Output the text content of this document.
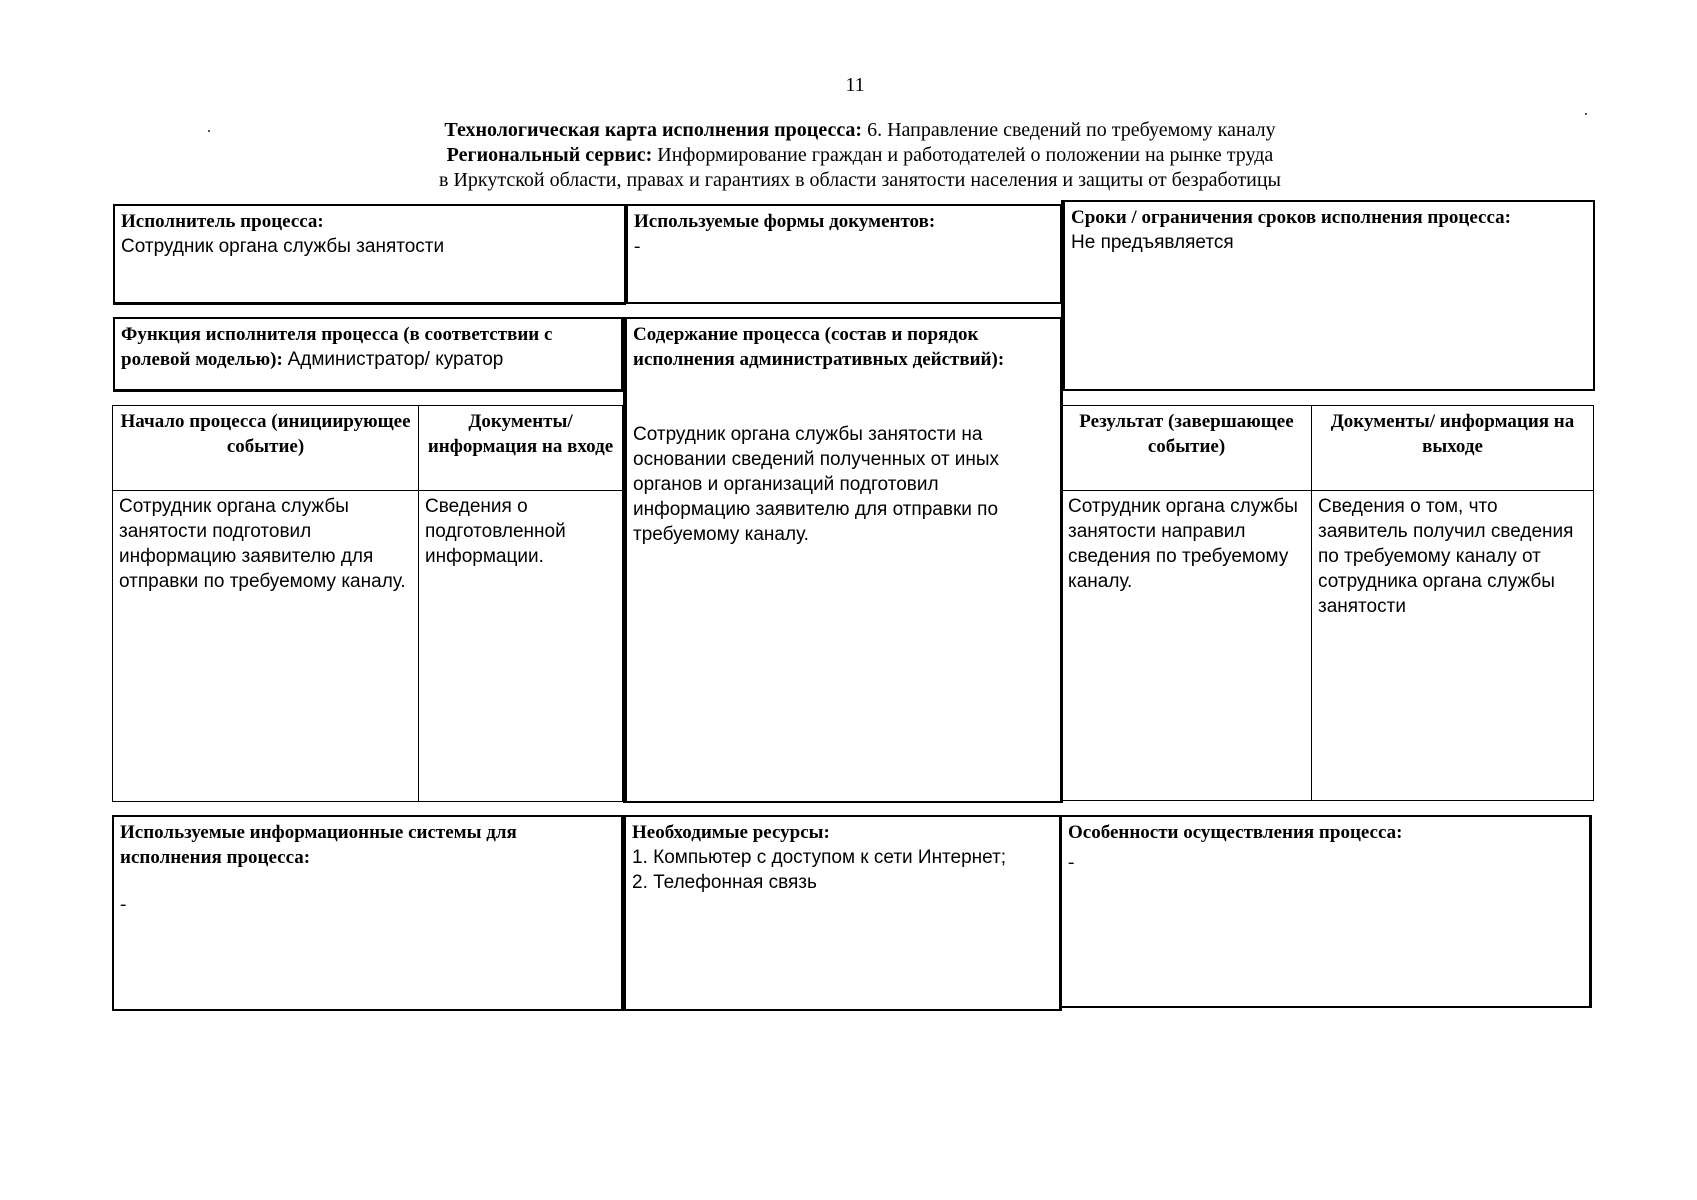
11
Технологическая карта исполнения процесса: 6. Направление сведений по требуемому каналу
Региональный сервис: Информирование граждан и работодателей о положении на рынке труда
в Иркутской области, правах и гарантиях в области занятости населения и защиты от безработицы
Исполнитель процесса:
Сотрудник органа службы занятости
Используемые формы документов:
-
Сроки / ограничения сроков исполнения процесса:
Не предъявляется
Функция исполнителя процесса (в соответствии с ролевой моделью): Администратор/ куратор
Содержание процесса (состав и порядок исполнения административных действий):
Сотрудник органа службы занятости на основании сведений полученных от иных органов и организаций подготовил информацию заявителю для отправки по требуемому каналу.
Начало процесса (инициирующее событие)	Документы/ информация на входе
Сотрудник органа службы занятости подготовил информацию заявителю для отправки по требуемому каналу.	Сведения о подготовленной информации.
Результат (завершающее событие)	Документы/ информация на выходе
Сотрудник органа службы занятости направил сведения по требуемому каналу.	Сведения о том, что заявитель получил сведения по требуемому каналу от сотрудника органа службы занятости
Используемые информационные системы для исполнения процесса:
-
Необходимые ресурсы:
1. Компьютер с доступом к сети Интернет;
2. Телефонная связь
Особенности осуществления процесса:
-
